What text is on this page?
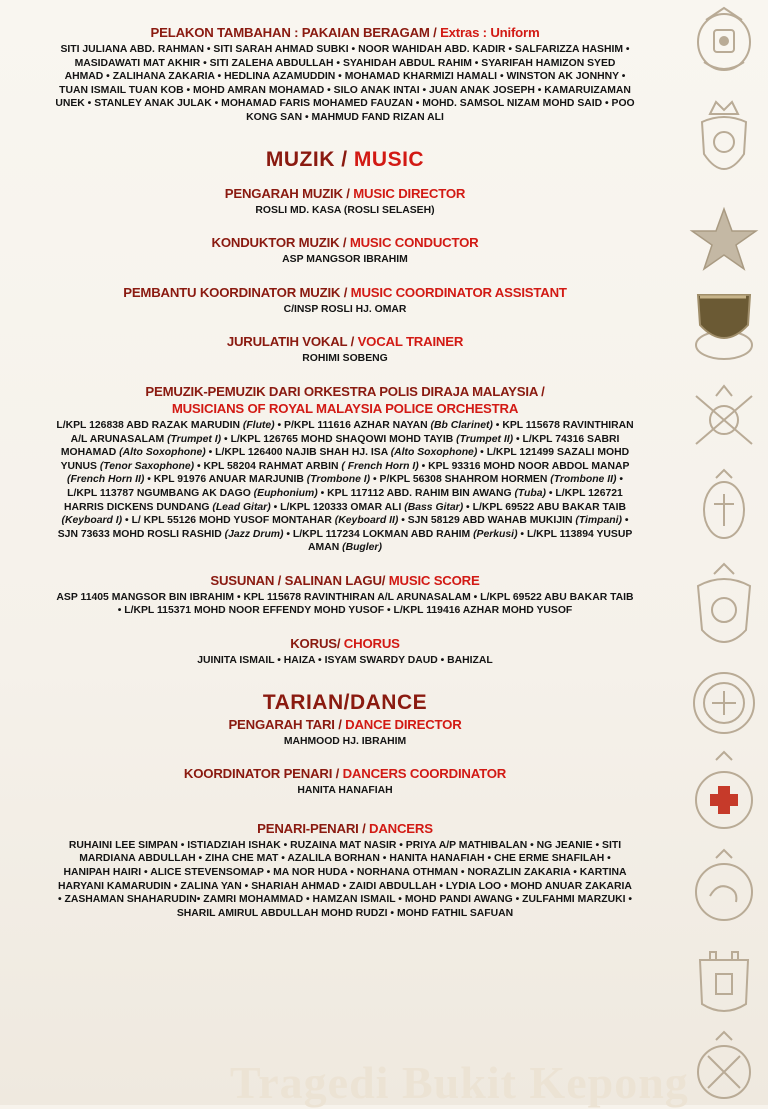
Tragedi Bukit Kepong

PELAKON TAMBAHAN : PAKAIAN BERAGAM / Extras : Uniform

SITI JULIANA ABD. RAHMAN • SITI SARAH AHMAD SUBKI • NOOR WAHIDAH ABD. KADIR • SALFARIZZA HASHIM • MASIDAWATI MAT AKHIR • SITI ZALEHA ABDULLAH • SYAHIDAH ABDUL RAHIM • SYARIFAH HAMIZON SYED AHMAD • ZALIHANA ZAKARIA • HEDLINA AZAMUDDIN • MOHAMAD KHARMIZI HAMALI • WINSTON AK JONHNY • TUAN ISMAIL TUAN KOB • MOHD AMRAN MOHAMAD • SILO ANAK INTAI • JUAN ANAK JOSEPH • KAMARUIZAMAN UNEK • STANLEY ANAK JULAK • MOHAMAD FARIS MOHAMED FAUZAN • MOHD. SAMSOL NIZAM MOHD SAID • POO KONG SAN • MAHMUD FAND RIZAN ALI

MUZIK / MUSIC

PENGARAH MUZIK / MUSIC DIRECTOR

ROSLI MD. KASA (ROSLI SELASEH)

KONDUKTOR MUZIK / MUSIC CONDUCTOR

ASP MANGSOR IBRAHIM

PEMBANTU KOORDINATOR MUZIK / MUSIC COORDINATOR ASSISTANT

C/INSP ROSLI HJ. OMAR

JURULATIH VOKAL / VOCAL TRAINER

ROHIMI SOBENG

PEMUZIK-PEMUZIK DARI ORKESTRA POLIS DIRAJA MALAYSIA /
MUSICIANS OF ROYAL MALAYSIA POLICE ORCHESTRA

L/KPL 126838 ABD RAZAK MARUDIN (Flute) • P/KPL 111616 AZHAR NAYAN (Bb Clarinet) • KPL 115678 RAVINTHIRAN A/L ARUNASALAM (Trumpet I) • L/KPL 126765 MOHD SHAQOWI MOHD TAYIB (Trumpet II) • L/KPL 74316 SABRI MOHAMAD (Alto Soxophone) • L/KPL 126400 NAJIB SHAH HJ. ISA (Alto Soxophone) • L/KPL 121499 SAZALI MOHD YUNUS (Tenor Saxophone) • KPL 58204 RAHMAT ARBIN ( French Horn I) • KPL 93316 MOHD NOOR ABDOL MANAP (French Horn II) • KPL 91976 ANUAR MARJUNIB (Trombone I) • P/KPL 56308 SHAHROM HORMEN (Trombone II) • L/KPL 113787 NGUMBANG AK DAGO (Euphonium) • KPL 117112 ABD. RAHIM BIN AWANG (Tuba) • L/KPL 126721 HARRIS DICKENS DUNDANG (Lead Gitar) • L/KPL 120333 OMAR ALI (Bass Gitar) • L/KPL 69522 ABU BAKAR TAIB (Keyboard I) • L/ KPL 55126 MOHD YUSOF MONTAHAR (Keyboard II) • SJN 58129 ABD WAHAB MUKIJIN (Timpani) • SJN 73633 MOHD ROSLI RASHID (Jazz Drum) • L/KPL 117234 LOKMAN ABD RAHIM (Perkusi) • L/KPL 113894 YUSUP AMAN (Bugler)

SUSUNAN / SALINAN LAGU/ MUSIC SCORE

ASP 11405 MANGSOR BIN IBRAHIM • KPL 115678 RAVINTHIRAN A/L ARUNASALAM • L/KPL 69522 ABU BAKAR TAIB • L/KPL 115371 MOHD NOOR EFFENDY MOHD YUSOF • L/KPL 119416 AZHAR MOHD YUSOF

KORUS/ CHORUS

JUINITA ISMAIL • HAIZA • ISYAM SWARDY DAUD • BAHIZAL

TARIAN/DANCE

PENGARAH TARI / DANCE DIRECTOR

MAHMOOD HJ. IBRAHIM

KOORDINATOR PENARI / DANCERS COORDINATOR

HANITA HANAFIAH

PENARI-PENARI / DANCERS

RUHAINI LEE SIMPAN • ISTIADZIAH ISHAK • RUZAINA MAT NASIR • PRIYA A/P MATHIBALAN • NG JEANIE • SITI MARDIANA ABDULLAH • ZIHA CHE MAT • AZALILA BORHAN • HANITA HANAFIAH • CHE ERME SHAFILAH • HANIPAH HAIRI • ALICE STEVENSOMAP • MA NOR HUDA • NORHANA OTHMAN • NORAZLIN ZAKARIA • KARTINA HARYANI KAMARUDIN • ZALINA YAN • SHARIAH AHMAD • ZAIDI ABDULLAH • LYDIA LOO • MOHD ANUAR ZAKARIA • ZASHAMAN SHAHARUDIN• ZAMRI MOHAMMAD • HAMZAN ISMAIL • MOHD PANDI AWANG • ZULFAHMI MARZUKI • SHARIL AMIRUL ABDULLAH MOHD RUDZI • MOHD FATHIL SAFUAN
